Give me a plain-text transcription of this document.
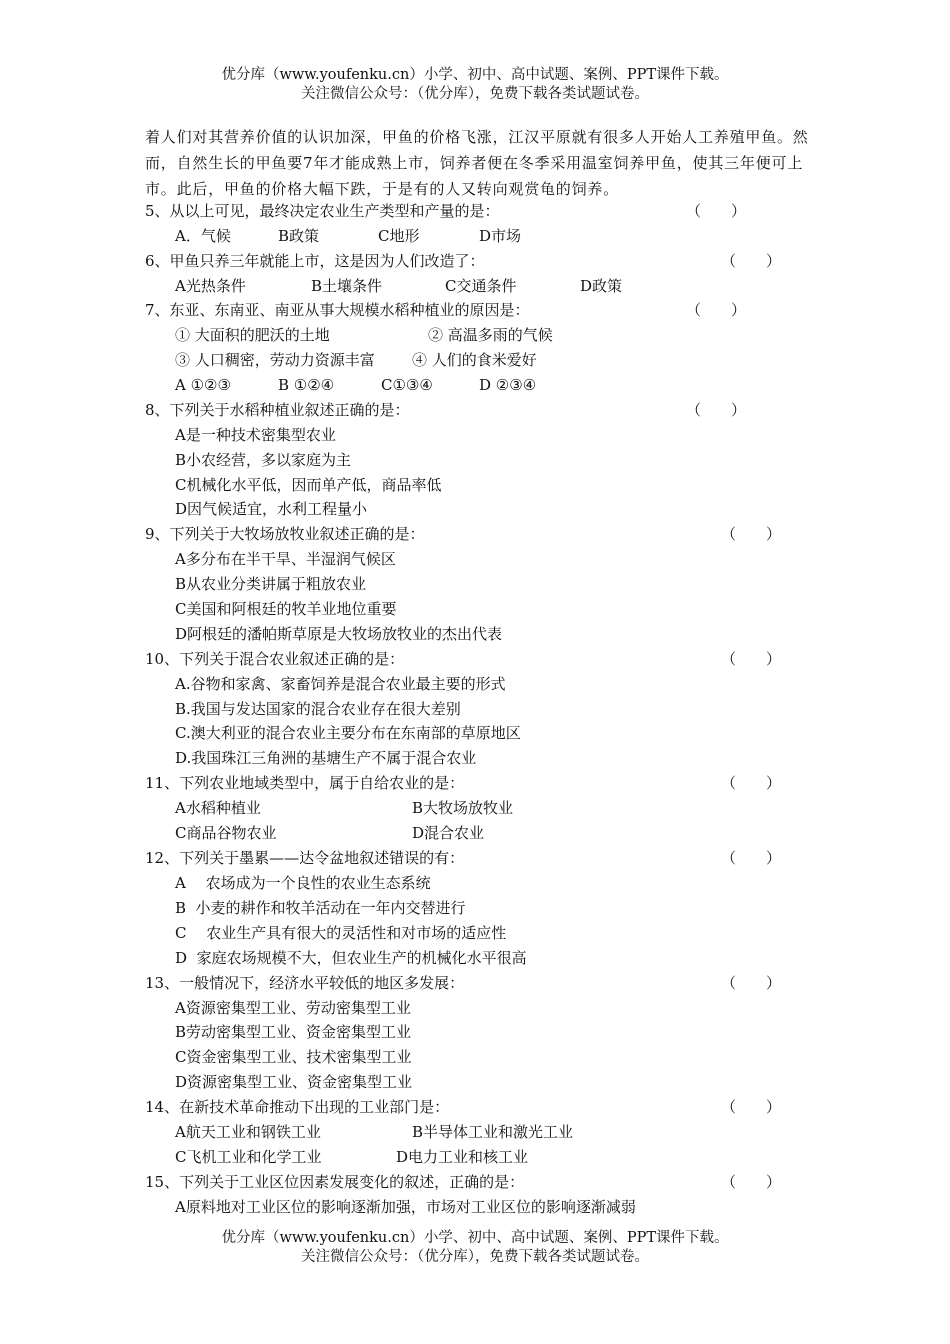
优分库（www.youfenku.cn）小学、初中、高中试题、案例、PPT课件下载。
关注微信公众号：（优分库），免费下载各类试题试卷。
着人们对其营养价值的认识加深，甲鱼的价格飞涨，江汉平原就有很多人开始人工养殖甲鱼。然而，自然生长的甲鱼要7年才能成熟上市，饲养者便在冬季采用温室饲养甲鱼，使其三年便可上市。此后，甲鱼的价格大幅下跌，于是有的人又转向观赏龟的饲养。
5、从以上可见，最终决定农业生产类型和产量的是：	（　　）
A．气候	B政策	C地形	D市场
6、甲鱼只养三年就能上市，这是因为人们改造了：	（　　）
A光热条件	B土壤条件	C交通条件	D政策
7、东亚、东南亚、南亚从事大规模水稻种植业的原因是：	（　　）
① 大面积的肥沃的土地	② 高温多雨的气候
③ 人口稠密，劳动力资源丰富 ④ 人们的食米爱好
A ①②③	B ①②④	C①③④	D ②③④
8、下列关于水稻种植业叙述正确的是：	（　　）
A是一种技术密集型农业
B小农经营，多以家庭为主
C机械化水平低，因而单产低，商品率低
D因气候适宜，水利工程量小
9、下列关于大牧场放牧业叙述正确的是：	（　　）
A多分布在半干旱、半湿润气候区
B从农业分类讲属于粗放农业
C美国和阿根廷的牧羊业地位重要
D阿根廷的潘帕斯草原是大牧场放牧业的杰出代表
10、下列关于混合农业叙述正确的是：	（　　）
A.谷物和家禽、家畜饲养是混合农业最主要的形式
B.我国与发达国家的混合农业存在很大差别
C.澳大利亚的混合农业主要分布在东南部的草原地区
D.我国珠江三角洲的基塘生产不属于混合农业
11、下列农业地域类型中，属于自给农业的是：	（　　）
A水稻种植业	B大牧场放牧业
C商品谷物农业	D混合农业
12、下列关于墨累——达令盆地叙述错误的有：	（　　）
A　 农场成为一个良性的农业生态系统
B  小麦的耕作和牧羊活动在一年内交替进行
C　 农业生产具有很大的灵活性和对市场的适应性
D  家庭农场规模不大，但农业生产的机械化水平很高
13、一般情况下，经济水平较低的地区多发展：	（　　）
A资源密集型工业、劳动密集型工业
B劳动密集型工业、资金密集型工业
C资金密集型工业、技术密集型工业
D资源密集型工业、资金密集型工业
14、在新技术革命推动下出现的工业部门是：	（　　）
A航天工业和钢铁工业	B半导体工业和激光工业
C飞机工业和化学工业	D电力工业和核工业
15、下列关于工业区位因素发展变化的叙述，正确的是：	（　　）
A原料地对工业区位的影响逐渐加强，市场对工业区位的影响逐渐减弱
优分库（www.youfenku.cn）小学、初中、高中试题、案例、PPT课件下载。
关注微信公众号：（优分库），免费下载各类试题试卷。
